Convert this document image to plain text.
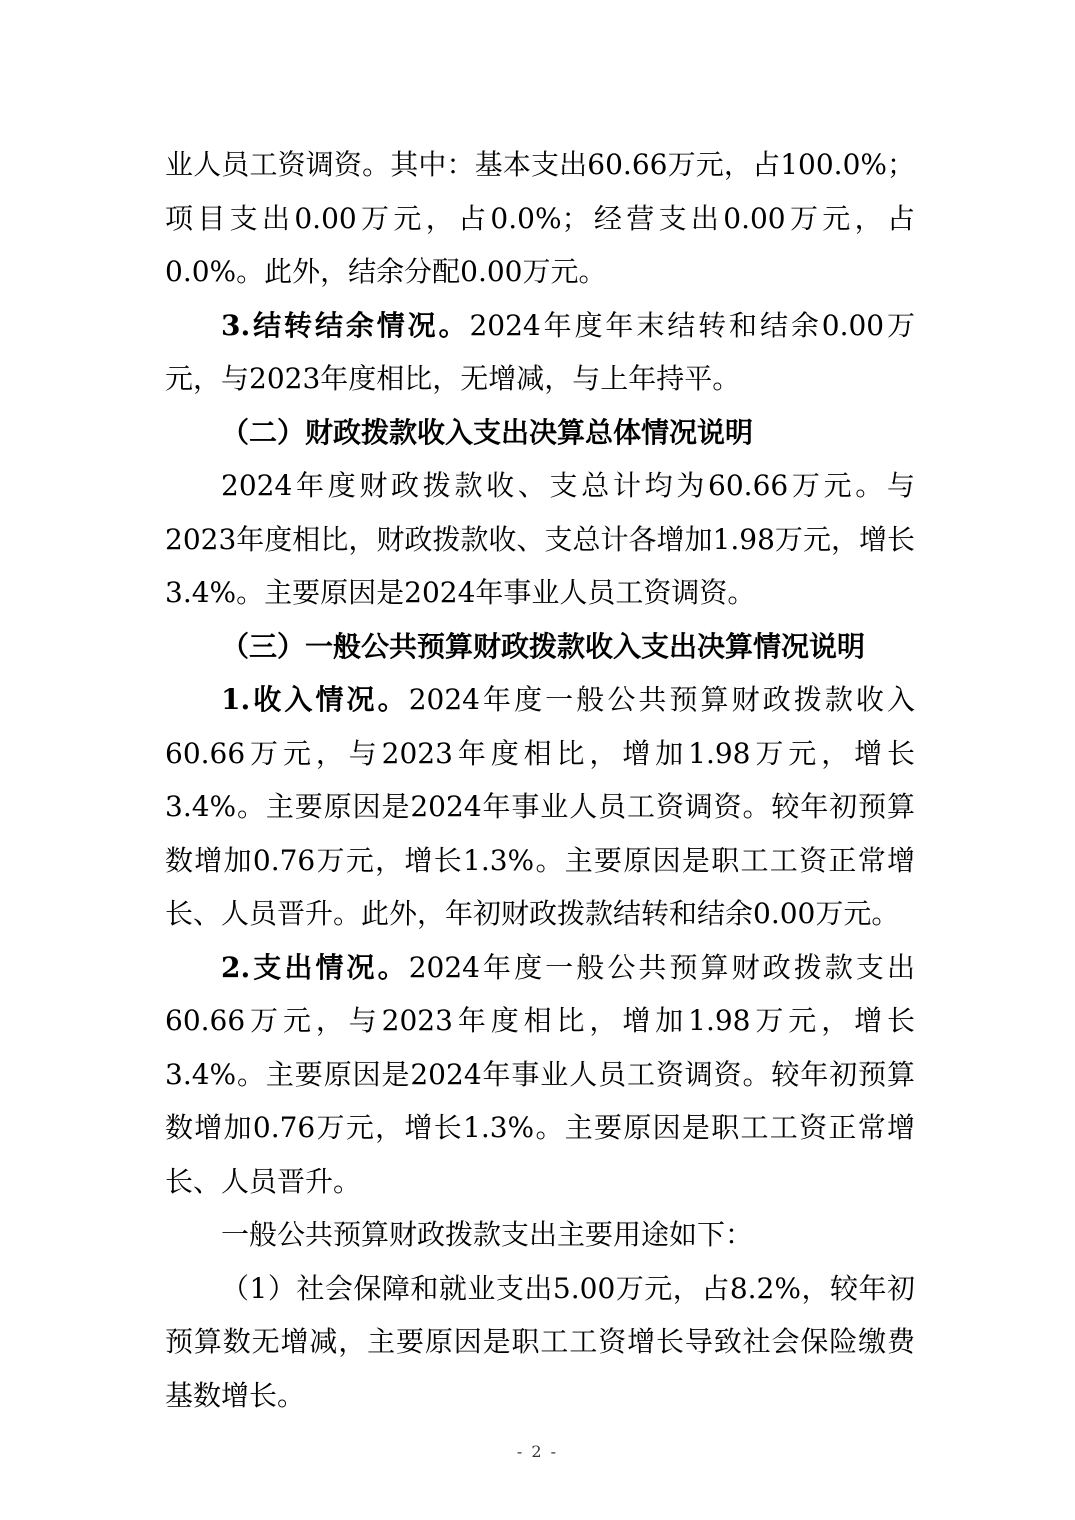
业人员工资调资。其中：基本支出60.66万元，占100.0%；项目支出0.00万元，占0.0%；经营支出0.00万元，占0.0%。此外，结余分配0.00万元。

3.结转结余情况。2024年度年末结转和结余0.00万元，与2023年度相比，无增减，与上年持平。

（二）财政拨款收入支出决算总体情况说明

2024年度财政拨款收、支总计均为60.66万元。与2023年度相比，财政拨款收、支总计各增加1.98万元，增长3.4%。主要原因是2024年事业人员工资调资。

（三）一般公共预算财政拨款收入支出决算情况说明

1.收入情况。2024年度一般公共预算财政拨款收入60.66万元，与2023年度相比，增加1.98万元，增长3.4%。主要原因是2024年事业人员工资调资。较年初预算数增加0.76万元，增长1.3%。主要原因是职工工资正常增长、人员晋升。此外，年初财政拨款结转和结余0.00万元。

2.支出情况。2024年度一般公共预算财政拨款支出60.66万元，与2023年度相比，增加1.98万元，增长3.4%。主要原因是2024年事业人员工资调资。较年初预算数增加0.76万元，增长1.3%。主要原因是职工工资正常增长、人员晋升。

一般公共预算财政拨款支出主要用途如下：

（1）社会保障和就业支出5.00万元，占8.2%，较年初预算数无增减，主要原因是职工工资增长导致社会保险缴费基数增长。

- 2 -
